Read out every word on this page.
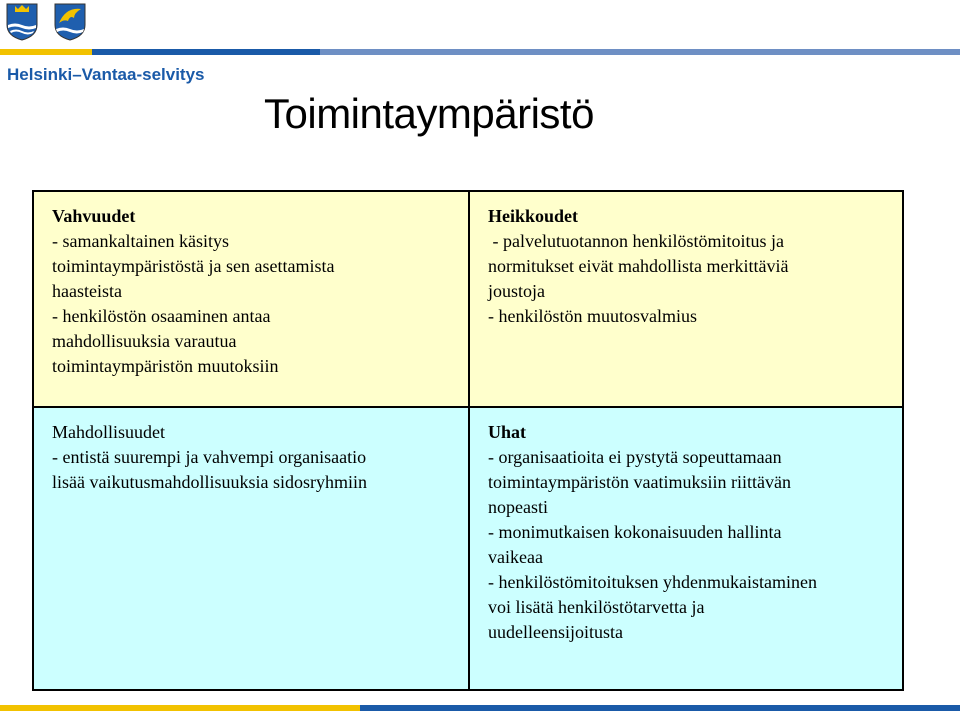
Helsinki–Vantaa-selvitys
Toimintaympäristö
Vahvuudet
- samankaltainen käsitys
toimintaympäristöstä ja sen asettamista
haasteista
- henkilöstön osaaminen antaa
mahdollisuuksia varautua
toimintaympäristön muutoksiin
Heikkoudet
- palvelutuotannon henkilöstömitoitus ja
normitukset eivät mahdollista merkittäviä
joustoja
- henkilöstön muutosvalmius
Mahdollisuudet
- entistä suurempi ja vahvempi organisaatio
lisää vaikutusmahdollisuuksia sidosryhmiin
Uhat
- organisaatioita ei pystytä sopeuttamaan
toimintaympäristön vaatimuksiin riittävän
nopeasti
- monimutkaisen kokonaisuuden hallinta
vaikeaa
- henkilöstömitoituksen yhdenmukaistaminen
voi lisätä henkilöstötarvetta ja
uudelleensijoitusta
